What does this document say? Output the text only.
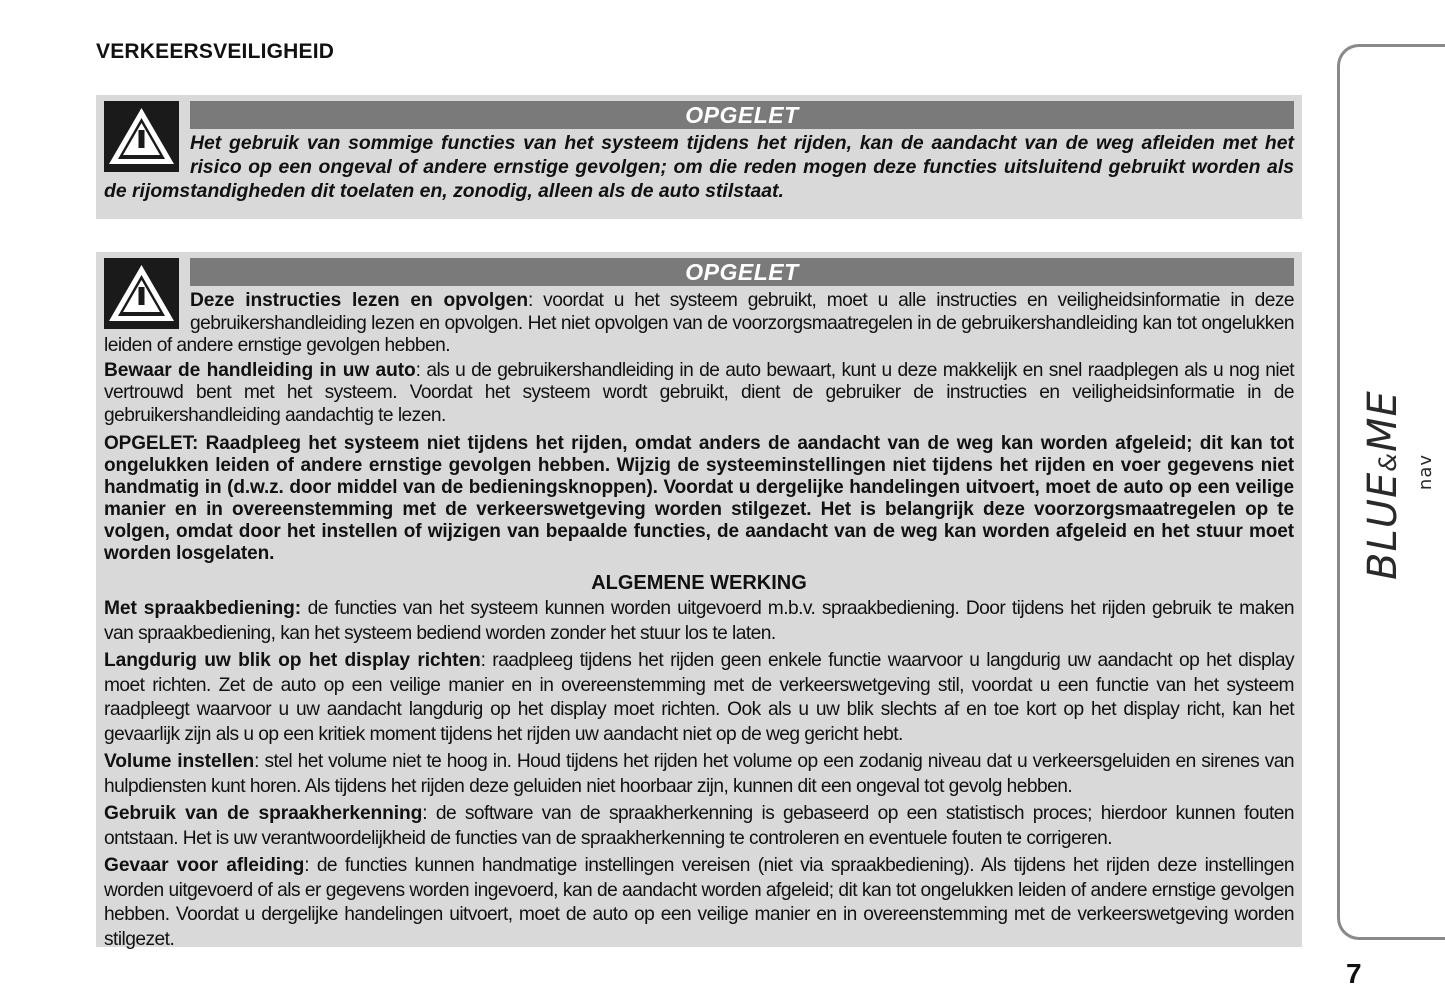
VERKEERSVEILIGHEID
OPGELET
Het gebruik van sommige functies van het systeem tijdens het rijden, kan de aandacht van de weg afleiden met het risico op een ongeval of andere ernstige gevolgen; om die reden mogen deze functies uitsluitend gebruikt worden als de rijomstandigheden dit toelaten en, zonodig, alleen als de auto stilstaat.
OPGELET

Deze instructies lezen en opvolgen: voordat u het systeem gebruikt, moet u alle instructies en veiligheidsinformatie in deze gebruikershandleiding lezen en opvolgen. Het niet opvolgen van de voorzorgsmaatregelen in de gebruikershandleiding kan tot ongelukken leiden of andere ernstige gevolgen hebben.

Bewaar de handleiding in uw auto: als u de gebruikershandleiding in de auto bewaart, kunt u deze makkelijk en snel raadplegen als u nog niet vertrouwd bent met het systeem. Voordat het systeem wordt gebruikt, dient de gebruiker de instructies en veiligheidsinformatie in de gebruikershandleiding aandachtig te lezen.

OPGELET: Raadpleeg het systeem niet tijdens het rijden, omdat anders de aandacht van de weg kan worden afgeleid; dit kan tot ongelukken leiden of andere ernstige gevolgen hebben. Wijzig de systeeminstellingen niet tijdens het rijden en voer gegevens niet handmatig in (d.w.z. door middel van de bedieningsknoppen). Voordat u dergelijke handelingen uitvoert, moet de auto op een veilige manier en in overeenstemming met de verkeerswetgeving worden stilgezet. Het is belangrijk deze voorzorgsmaatregelen op te volgen, omdat door het instellen of wijzigen van bepaalde functies, de aandacht van de weg kan worden afgeleid en het stuur moet worden losgelaten.
ALGEMENE WERKING

Met spraakbediening: de functies van het systeem kunnen worden uitgevoerd m.b.v. spraakbediening. Door tijdens het rijden gebruik te maken van spraakbediening, kan het systeem bediend worden zonder het stuur los te laten.

Langdurig uw blik op het display richten: raadpleeg tijdens het rijden geen enkele functie waarvoor u langdurig uw aandacht op het display moet richten. Zet de auto op een veilige manier en in overeenstemming met de verkeerswetgeving stil, voordat u een functie van het systeem raadpleegt waarvoor u uw aandacht langdurig op het display moet richten. Ook als u uw blik slechts af en toe kort op het display richt, kan het gevaarlijk zijn als u op een kritiek moment tijdens het rijden uw aandacht niet op de weg gericht hebt.

Volume instellen: stel het volume niet te hoog in. Houd tijdens het rijden het volume op een zodanig niveau dat u verkeersgeluiden en sirenes van hulpdiensten kunt horen. Als tijdens het rijden deze geluiden niet hoorbaar zijn, kunnen dit een ongeval tot gevolg hebben.

Gebruik van de spraakherkenning: de software van de spraakherkenning is gebaseerd op een statistisch proces; hierdoor kunnen fouten ontstaan. Het is uw verantwoordelijkheid de functies van de spraakherkenning te controleren en eventuele fouten te corrigeren.

Gevaar voor afleiding: de functies kunnen handmatige instellingen vereisen (niet via spraakbediening). Als tijdens het rijden deze instellingen worden uitgevoerd of als er gegevens worden ingevoerd, kan de aandacht worden afgeleid; dit kan tot ongelukken leiden of andere ernstige gevolgen hebben. Voordat u dergelijke handelingen uitvoert, moet de auto op een veilige manier en in overeenstemming met de verkeerswetgeving worden stilgezet.

BLUE&ME
nav
7
